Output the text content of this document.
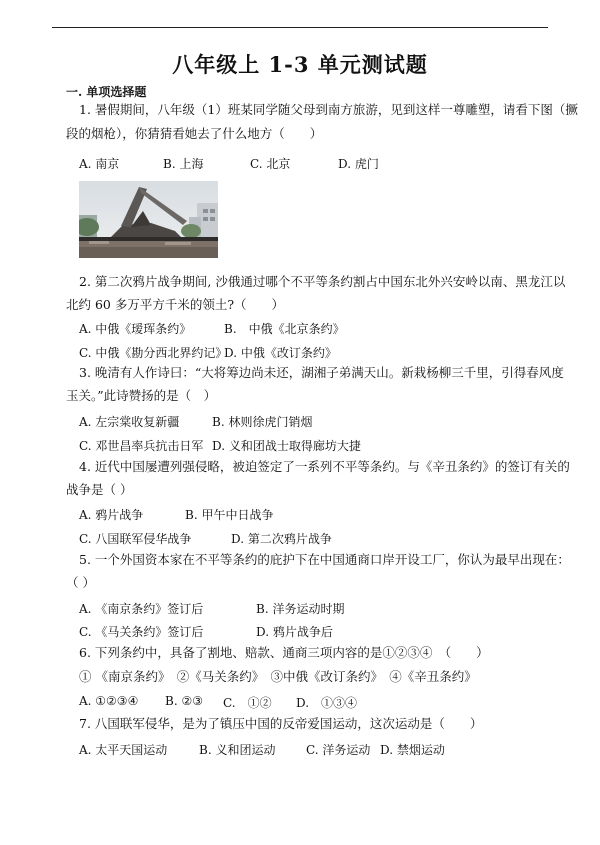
八年级上 1-3 单元测试题
一. 单项选择题
1. 暑假期间，八年级（1）班某同学随父母到南方旅游，见到这样一尊雕塑，请看下图（撅
段的烟枪），你猜猜看她去了什么地方（　　）
A. 南京	B. 上海	C. 北京	D. 虎门
2. 第二次鸦片战争期间, 沙俄通过哪个不平等条约割占中国东北外兴安岭以南、黑龙江以
北约 60 多万平方千米的领土?（　　）
A. 中俄《瑷珲条约》	B.　中俄《北京条约》
C. 中俄《勘分西北界约记》
D. 中俄《改订条约》
3. 晚清有人作诗曰：“大将筹边尚未还，湖湘子弟满天山。新栽杨柳三千里，引得春风度
玉关。”此诗赞扬的是（　）
A. 左宗棠收复新疆	B. 林则徐虎门销烟
C. 邓世昌率兵抗击日军 D. 义和团战士取得廊坊大捷
4. 近代中国屡遭列强侵略，被迫签定了一系列不平等条约。与《辛丑条约》的签订有关的
战争是（ ）
A. 鸦片战争	B. 甲午中日战争
C. 八国联军侵华战争	D. 第二次鸦片战争
5. 一个外国资本家在不平等条约的庇护下在中国通商口岸开设工厂，你认为最早出现在：
（ ）
A. 《南京条约》签订后	B. 洋务运动时期
C. 《马关条约》签订后	D. 鸦片战争后
6. 下列条约中，具备了割地、赔款、通商三项内容的是①②③④　（　　）
① 《南京条约》　②《马关条约》　③中俄《改订条约》　④《辛丑条约》
A. ①②③④ B. ②③ C.　①② D.　①③④
7. 八国联军侵华，是为了镇压中国的反帝爱国运动，这次运动是（　　）
A. 太平天国运动	B. 义和团运动	C. 洋务运动 D. 禁烟运动
